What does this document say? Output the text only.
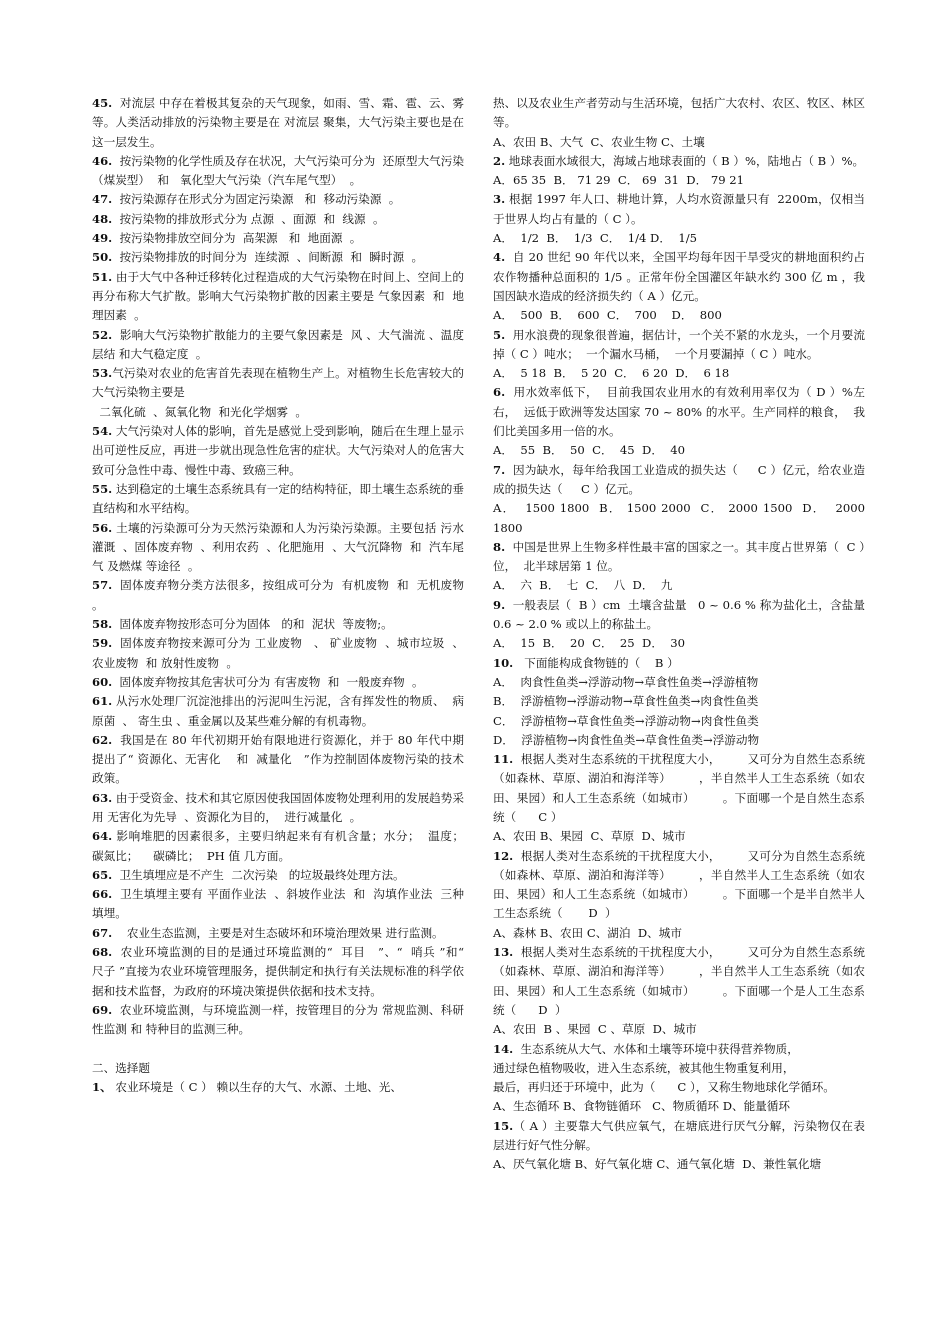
45.  对流层 中存在着极其复杂的天气现象，如雨、雪、霜、雹、云、雾等。人类活动排放的污染物主要是在 对流层 聚集，大气污染主要也是在这一层发生。
46.  按污染物的化学性质及存在状况，大气污染可分为  还原型大气污染（煤炭型）  和   氧化型大气污染（汽车尾气型）  。
47.  按污染源存在形式分为固定污染源   和  移动污染源  。
48.  按污染物的排放形式分为 点源  、面源  和  线源  。
49.  按污染物排放空间分为  高架源   和  地面源  。
50.  按污染物排放的时间分为  连续源  、间断源  和  瞬时源  。
51. 由于大气中各种迁移转化过程造成的大气污染物在时间上、空间上的再分布称大气扩散。影响大气污染物扩散的因素主要是 气象因素  和  地理因素  。
52.  影响大气污染物扩散能力的主要气象因素是  风 、大气湍流 、温度层结 和大气稳定度  。
53.气污染对农业的危害首先表现在植物生产上。对植物生长危害较大的大气污染物主要是
二氧化硫  、氮氧化物  和光化学烟雾  。
54. 大气污染对人体的影响，首先是感觉上受到影响，随后在生理上显示出可逆性反应，再进一步就出现急性危害的症状。大气污染对人的危害大致可分急性中毒、慢性中毒、致癌三种。
55. 达到稳定的土壤生态系统具有一定的结构特征，即土壤生态系统的垂直结构和水平结构。
56. 土壤的污染源可分为天然污染源和人为污染污染源。主要包括 污水灌溉  、固体废弃物  、利用农药  、化肥施用  、大气沉降物  和  汽车尾气 及燃煤 等途径  。
57.  固体废弃物分类方法很多，按组成可分为  有机废物  和  无机废物  。
58.  固体废弃物按形态可分为固体   的和  泥状  等废物;。
59.  固体废弃物按来源可分为 工业废物   、 矿业废物  、城市垃圾  、农业废物  和 放射性废物  。
60.  固体废弃物按其危害状可分为 有害废物  和  一般废弃物  。
61. 从污水处理厂沉淀池排出的污泥叫生污泥，含有挥发性的物质、  病原菌  、 寄生虫 、重金属以及某些难分解的有机毒物。
62.  我国是在 80 年代初期开始有限地进行资源化，并于 80 年代中期提出了“ 资源化、无害化    和  减量化   ”作为控制固体废物污染的技术政策。
63. 由于受资金、技术和其它原因使我国固体废物处理利用的发展趋势采用 无害化为先导  、资源化为目的，  进行减量化  。
64. 影响堆肥的因素很多，主要归纳起来有有机含量；水分；  温度；   碳氮比；    碳磷比；  PH 值 几方面。
65.  卫生填埋应是不产生  二次污染   的垃圾最终处理方法。
66.  卫生填埋主要有 平面作业法  、斜坡作业法  和  沟填作业法  三种填埋。
67.    农业生态监测，主要是对生态破坏和环境治理效果 进行监测。
68.  农业环境监测的目的是通过环境监测的“  耳目   ”、“  哨兵 ”和“  尺子 ”直接为农业环境管理服务，提供制定和执行有关法规标准的科学依据和技术监督，为政府的环境决策提供依据和技术支持。
69.  农业环境监测，与环境监测一样，按管理目的分为 常规监测、科研性监测 和 特种目的监测三种。
二、选择题
1、 农业环境是（ C ） 赖以生存的大气、水源、土地、光、
热、以及农业生产者劳动与生活环境，包括广大农村、农区、牧区、林区等。
A、农田 B、大气  C、农业生物 C、土壤
2. 地球表面水域很大，海域占地球表面的（ B ）%，陆地占（ B ）%。
A．65 35  B． 71 29  C． 69  31  D． 79 21
3. 根据 1997 年人口、耕地计算，人均水资源量只有  2200m，仅相当于世界人均占有量的（ C ）。
A．  1/2  B．  1/3  C．  1/4 D．  1/5
4.  自 20 世纪 90 年代以来，全国平均每年因干旱受灾的耕地面积约占农作物播种总面积的 1/5 。正常年份全国灌区年缺水约 300 亿 m ，我国因缺水造成的经济损失约（ A ）亿元。
A．  500  B．  600  C．  700    D．  800
5.  用水浪费的现象很普遍，据估计，一个关不紧的水龙头，一个月要流掉（ C ）吨水；  一个漏水马桶，  一个月要漏掉（ C ）吨水。
A．  5 18  B．  5 20  C．  6 20  D．  6 18
6.  用水效率低下，  目前我国农业用水的有效利用率仅为（ D ）%左右，  远低于欧洲等发达国家 70 ~ 80% 的水平。生产同样的粮食，  我们比美国多用一倍的水。
A．  55  B．  50  C．  45  D．  40
7.  因为缺水，每年给我国工业造成的损失达（     C ）亿元，给农业造成的损失达（     C ）亿元。
A．  1500 1800  B． 1500 2000  C． 2000 1500  D．  2000 1800
8.  中国是世界上生物多样性最丰富的国家之一。其丰度占世界第（  C ）位，  北半球居第 1 位。
A．  六  B．  七  C．  八  D．  九
9.  一般表层（  B ）cm  土壤含盐量   0 ~ 0.6 % 称为盐化土，含盐量 0.6 ~ 2.0 % 或以上的称盐土。
A．  15  B．  20  C．  25  D．  30
10.   下面能构成食物链的（    B ）
A．  肉食性鱼类→浮游动物→草食性鱼类→浮游植物
B．  浮游植物→浮游动物→草食性鱼类→肉食性鱼类
C．  浮游植物→草食性鱼类→浮游动物→肉食性鱼类
D．  浮游植物→肉食性鱼类→草食性鱼类→浮游动物
11.  根据人类对生态系统的干扰程度大小，       又可分为自然生态系统（如森林、草原、湖泊和海洋等）       ，半自然半人工生态系统（如农田、果园）和人工生态系统（如城市）       。下面哪一个是自然生态系统（      C ）
A、农田 B、果园  C、草原  D、城市
12.  根据人类对生态系统的干扰程度大小，       又可分为自然生态系统（如森林、草原、湖泊和海洋等）       ，半自然半人工生态系统（如农田、果园）和人工生态系统（如城市）       。下面哪一个是半自然半人工生态系统（       D  ）
A、森林 B、农田 C、湖泊  D、城市
13.  根据人类对生态系统的干扰程度大小，       又可分为自然生态系统（如森林、草原、湖泊和海洋等）       ，半自然半人工生态系统（如农田、果园）和人工生态系统（如城市）       。下面哪一个是人工生态系统（      D  ）
A、农田  B 、果园  C 、草原  D、城市
14.  生态系统从大气、水体和土壤等环境中获得营养物质，
通过绿色植物吸收，进入生态系统，被其他生物重复利用，
最后，再归还于环境中，此为（      C ），又称生物地球化学循环。
A、生态循环 B、食物链循环   C、物质循环 D、能量循环
15.（ A ）主要靠大气供应氧气，在塘底进行厌气分解，污染物仅在表层进行好气性分解。
A、厌气氧化塘 B、好气氧化塘 C、通气氧化塘  D、兼性氧化塘
